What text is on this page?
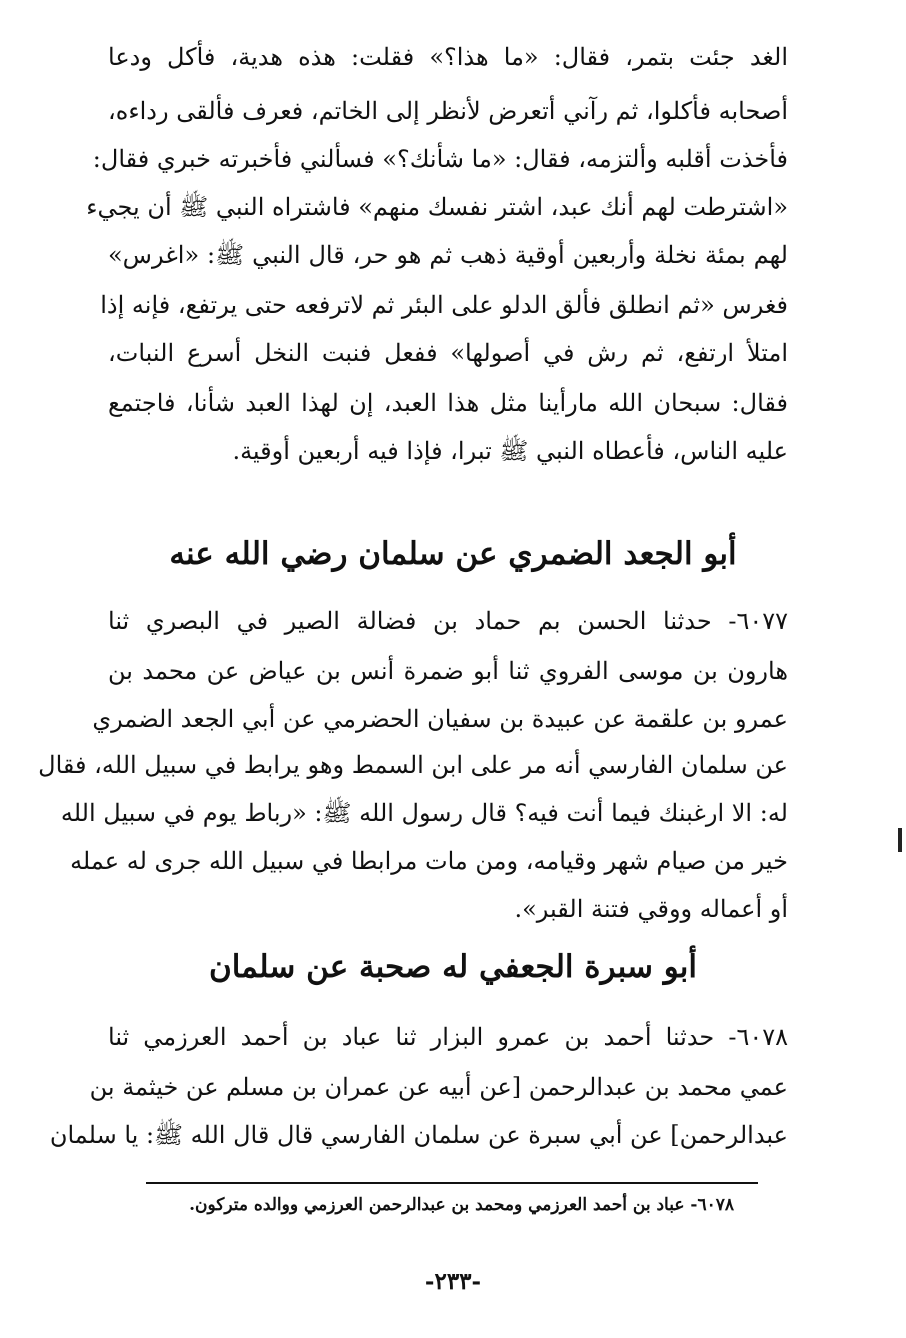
الغد جئت بتمر، فقال: «ما هذا؟» فقلت: هذه هدية، فأكل ودعا
أصحابه فأكلوا، ثم رآني أتعرض لأنظر إلى الخاتم، فعرف فألقى رداءه،
فأخذت أقلبه وألتزمه، فقال: «ما شأنك؟» فسألني فأخبرته خبري فقال:
«اشترطت لهم أنك عبد، اشتر نفسك منهم» فاشتراه النبي ﷺ أن يجيء
لهم بمئة نخلة وأربعين أوقية ذهب ثم هو حر، قال النبي ﷺ: «اغرس»
فغرس «ثم انطلق فألق الدلو على البئر ثم لاترفعه حتى يرتفع، فإنه إذا
امتلأ ارتفع، ثم رش في أصولها» ففعل فنبت النخل أسرع النبات،
فقال: سبحان الله مارأينا مثل هذا العبد، إن لهذا العبد شأنا، فاجتمع
عليه الناس، فأعطاه النبي ﷺ تبرا، فإذا فيه أربعين أوقية.
أبو الجعد الضمري عن سلمان رضي الله عنه
٦٠٧٧- حدثنا الحسن بم حماد بن فضالة الصير في البصري ثنا
هارون بن موسى الفروي ثنا أبو ضمرة أنس بن عياض عن محمد بن
عمرو بن علقمة عن عبيدة بن سفيان الحضرمي عن أبي الجعد الضمري
عن سلمان الفارسي أنه مر على ابن السمط وهو يرابط في سبيل الله، فقال
له: الا ارغبنك فيما أنت فيه؟ قال رسول الله ﷺ: «رباط يوم في سبيل الله
خير من صيام شهر وقيامه، ومن مات مرابطا في سبيل الله جرى له عمله
أو أعماله ووقي فتنة القبر».
أبو سبرة الجعفي له صحبة عن سلمان
٦٠٧٨- حدثنا أحمد بن عمرو البزار ثنا عباد بن أحمد العرزمي ثنا
عمي محمد بن عبدالرحمن [عن أبيه عن عمران بن مسلم عن خيثمة بن
عبدالرحمن] عن أبي سبرة عن سلمان الفارسي قال قال الله ﷺ: يا سلمان
٦٠٧٨- عباد بن أحمد العرزمي ومحمد بن عبدالرحمن العرزمي ووالده متركون.
-٢٣٣-
